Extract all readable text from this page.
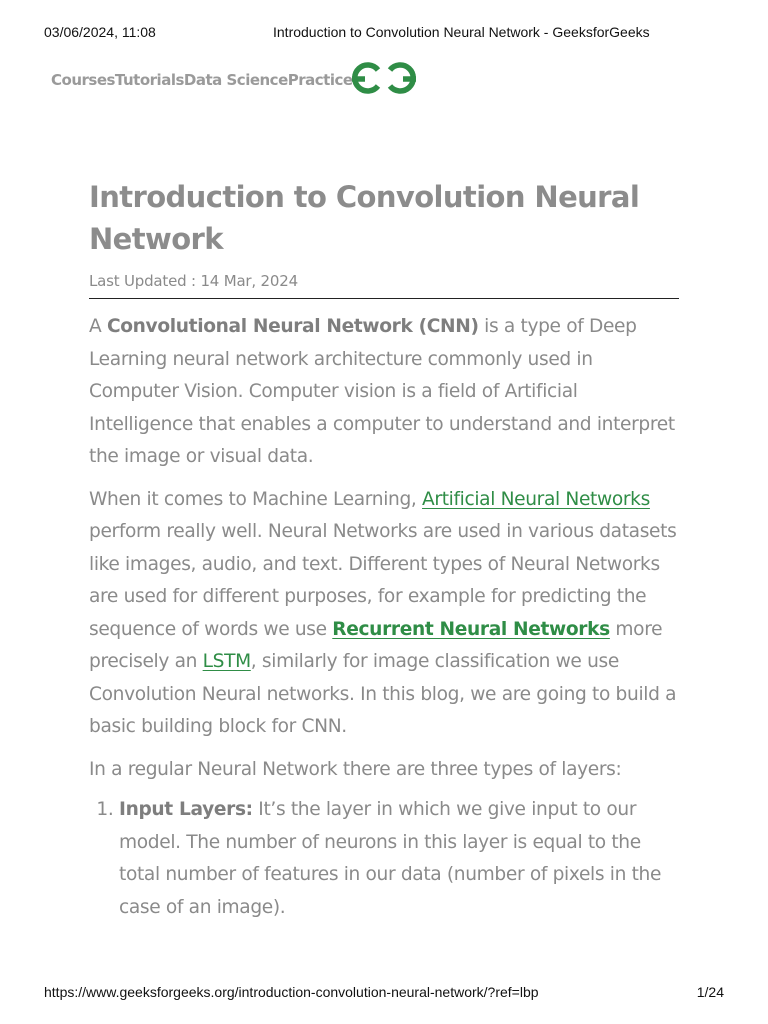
03/06/2024, 11:08	Introduction to Convolution Neural Network - GeeksforGeeks
Courses Tutorials Data Science Practice
Introduction to Convolution Neural Network
Last Updated : 14 Mar, 2024

A Convolutional Neural Network (CNN) is a type of Deep Learning neural network architecture commonly used in Computer Vision. Computer vision is a field of Artificial Intelligence that enables a computer to understand and interpret the image or visual data.

When it comes to Machine Learning, Artificial Neural Networks perform really well. Neural Networks are used in various datasets like images, audio, and text. Different types of Neural Networks are used for different purposes, for example for predicting the sequence of words we use Recurrent Neural Networks more precisely an LSTM, similarly for image classification we use Convolution Neural networks. In this blog, we are going to build a basic building block for CNN.

In a regular Neural Network there are three types of layers:

1. Input Layers: It’s the layer in which we give input to our model. The number of neurons in this layer is equal to the total number of features in our data (number of pixels in the case of an image).
https://www.geeksforgeeks.org/introduction-convolution-neural-network/?ref=lbp	1/24
